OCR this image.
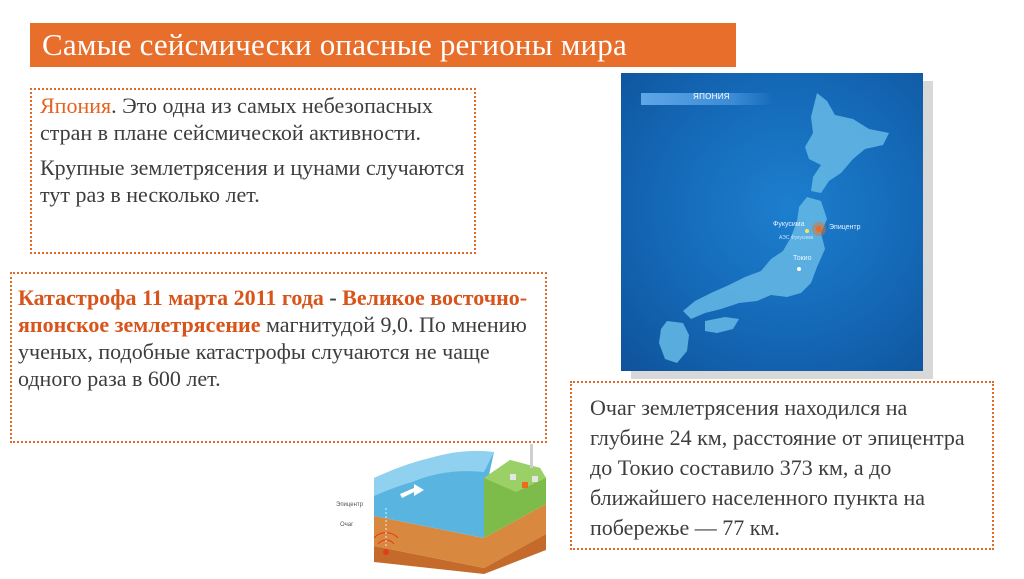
Самые сейсмически опасные регионы мира

Япония. Это одна из самых небезопасных стран в плане сейсмической активности.

Крупные землетрясения и цунами случаются тут раз в несколько лет.

Катастрофа 11 марта 2011 года - Великое восточно-японское землетрясение магнитудой 9,0. По мнению ученых, подобные катастрофы случаются не чаще одного раза в 600 лет.

Очаг землетрясения находился на глубине 24 км, расстояние от эпицентра до Токио составило 373 км, а до ближайшего населенного пункта на побережье — 77 км.

ЯПОНИЯ
Фукусима
АЭС Фукусима
Эпицентр
Токио
Эпицентр
Очаг
